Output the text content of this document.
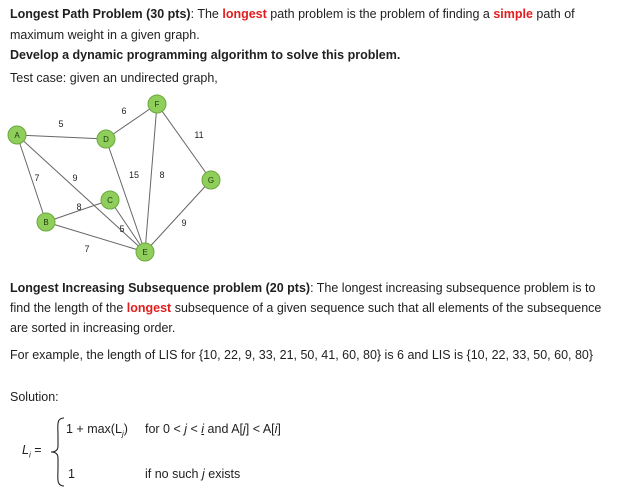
Longest Path Problem (30 pts): The longest path problem is the problem of finding a simple path of
maximum weight in a given graph.
Develop a dynamic programming algorithm to solve this problem.
Test case: given an undirected graph,
5
7	9
6
11
15 8
9
8
5
7
A
B
C
D
E
F
G
Longest Increasing Subsequence problem (20 pts): The longest increasing subsequence problem is to find the length of the longest subsequence of a given sequence such that all elements of the subsequence are sorted in increasing order.
For example, the length of LIS for {10, 22, 9, 33, 21, 50, 41, 60, 80} is 6 and LIS is {10, 22, 33, 50, 60, 80}
Solution:
$L_i$ =
$1 + \max(L_j)$ for 0 < j < i and A[j] < A[i]
1	if no such j exists
